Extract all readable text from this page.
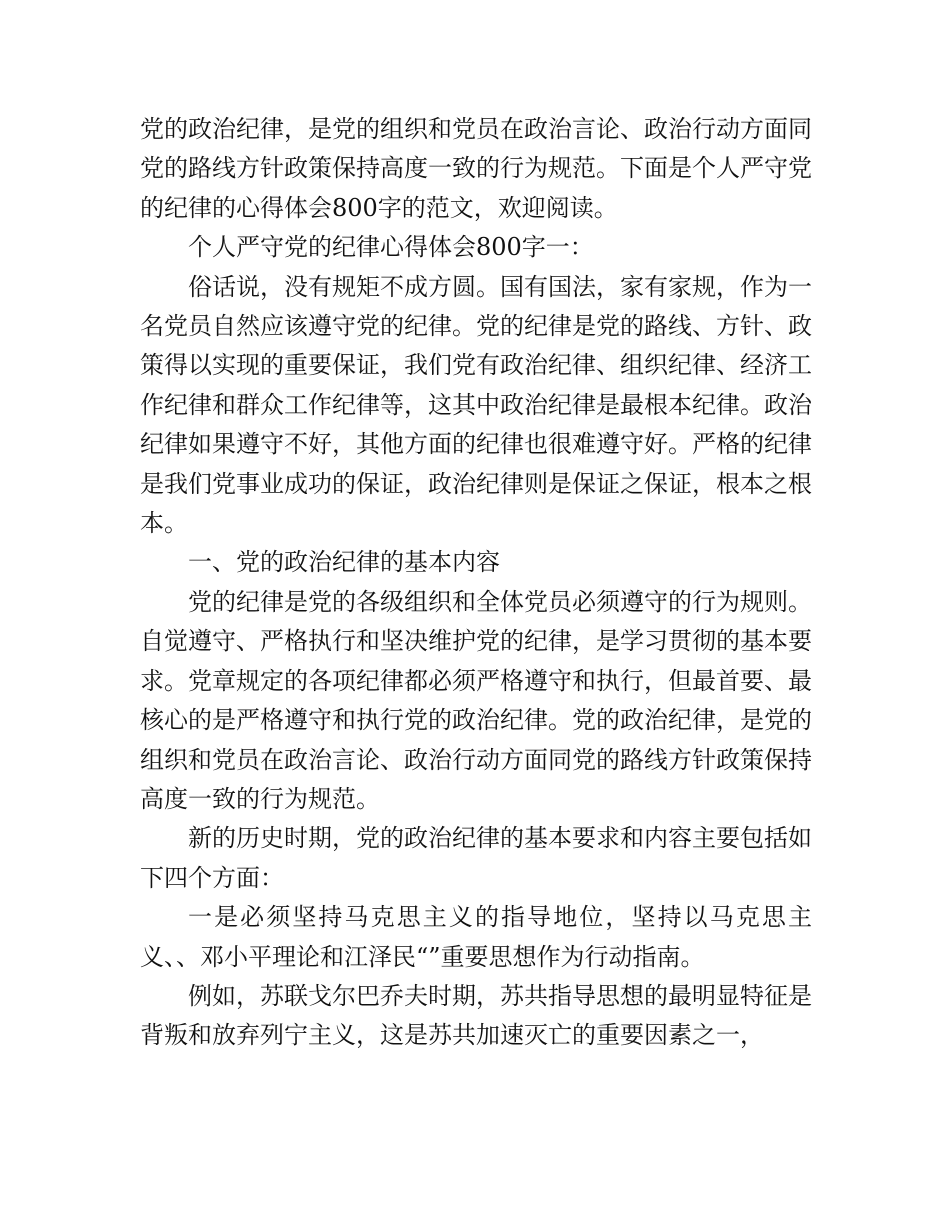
党的政治纪律，是党的组织和党员在政治言论、政治行动方面同党的路线方针政策保持高度一致的行为规范。下面是个人严守党的纪律的心得体会800字的范文，欢迎阅读。

个人严守党的纪律心得体会800字一：

俗话说，没有规矩不成方圆。国有国法，家有家规，作为一名党员自然应该遵守党的纪律。党的纪律是党的路线、方针、政策得以实现的重要保证，我们党有政治纪律、组织纪律、经济工作纪律和群众工作纪律等，这其中政治纪律是最根本纪律。政治纪律如果遵守不好，其他方面的纪律也很难遵守好。严格的纪律是我们党事业成功的保证，政治纪律则是保证之保证，根本之根本。

一、党的政治纪律的基本内容

党的纪律是党的各级组织和全体党员必须遵守的行为规则。自觉遵守、严格执行和坚决维护党的纪律，是学习贯彻的基本要求。党章规定的各项纪律都必须严格遵守和执行，但最首要、最核心的是严格遵守和执行党的政治纪律。党的政治纪律，是党的组织和党员在政治言论、政治行动方面同党的路线方针政策保持高度一致的行为规范。

新的历史时期，党的政治纪律的基本要求和内容主要包括如下四个方面：

一是必须坚持马克思主义的指导地位，坚持以马克思主义、、邓小平理论和江泽民“”重要思想作为行动指南。

例如，苏联戈尔巴乔夫时期，苏共指导思想的最明显特征是背叛和放弃列宁主义，这是苏共加速灭亡的重要因素之一，
